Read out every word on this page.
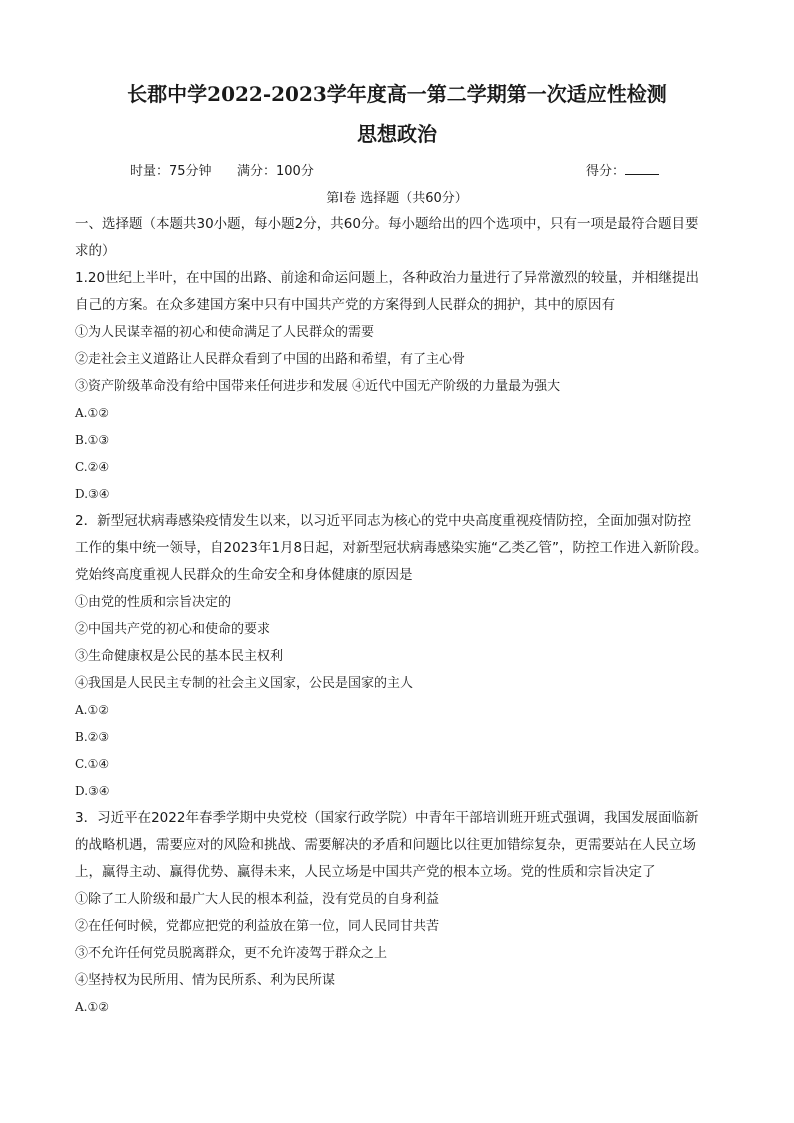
长郡中学2022-2023学年度高一第二学期第一次适应性检测
思想政治
时量：75分钟 满分：100分	得分：
第Ⅰ卷 选择题（共60分）

一、选择题（本题共30小题，每小题2分，共60分。每小题给出的四个选项中，只有一项是最符合题目要

求的）

1.20世纪上半叶，在中国的出路、前途和命运问题上，各种政治力量进行了异常激烈的较量，并相继提出

自己的方案。在众多建国方案中只有中国共产党的方案得到人民群众的拥护，其中的原因有

①为人民谋幸福的初心和使命满足了人民群众的需要

②走社会主义道路让人民群众看到了中国的出路和希望，有了主心骨

③资产阶级革命没有给中国带来任何进步和发展 ④近代中国无产阶级的力量最为强大

A.①②

B.①③

C.②④

D.③④

2．新型冠状病毒感染疫情发生以来，以习近平同志为核心的党中央高度重视疫情防控，全面加强对防控

工作的集中统一领导，自2023年1月8日起，对新型冠状病毒感染实施“乙类乙管”，防控工作进入新阶段。

党始终高度重视人民群众的生命安全和身体健康的原因是

①由党的性质和宗旨决定的

②中国共产党的初心和使命的要求

③生命健康权是公民的基本民主权利

④我国是人民民主专制的社会主义国家，公民是国家的主人

A.①②

B.②③

C.①④

D.③④

3．习近平在2022年春季学期中央党校（国家行政学院）中青年干部培训班开班式强调，我国发展面临新

的战略机遇，需要应对的风险和挑战、需要解决的矛盾和问题比以往更加错综复杂，更需要站在人民立场

上，赢得主动、赢得优势、赢得未来，人民立场是中国共产党的根本立场。党的性质和宗旨决定了

①除了工人阶级和最广大人民的根本利益，没有党员的自身利益

②在任何时候，党都应把党的利益放在第一位，同人民同甘共苦

③不允许任何党员脱离群众，更不允许凌驾于群众之上

④坚持权为民所用、情为民所系、利为民所谋

A.①②
